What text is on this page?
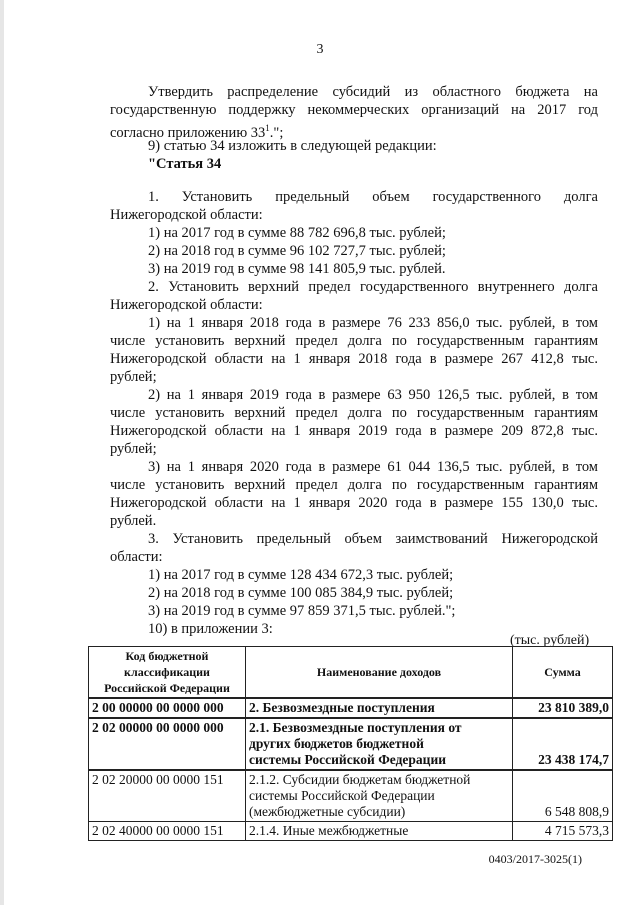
3
Утвердить распределение субсидий из областного бюджета на
государственную поддержку некоммерческих организаций на 2017 год
согласно приложению $33^1$.";
9) статью 34 изложить в следующей редакции:
"Статья 34
1. Установить предельный объем государственного долга
Нижегородской области:
1) на 2017 год в сумме 88 782 696,8 тыс. рублей;
2) на 2018 год в сумме 96 102 727,7 тыс. рублей;
3) на 2019 год в сумме 98 141 805,9 тыс. рублей.
2. Установить верхний предел государственного внутреннего долга
Нижегородской области:
1) на 1 января 2018 года в размере 76 233 856,0 тыс. рублей, в том
числе установить верхний предел долга по государственным гарантиям
Нижегородской области на 1 января 2018 года в размере 267 412,8 тыс.
рублей;
2) на 1 января 2019 года в размере 63 950 126,5 тыс. рублей, в том
числе установить верхний предел долга по государственным гарантиям
Нижегородской области на 1 января 2019 года в размере 209 872,8 тыс.
рублей;
3) на 1 января 2020 года в размере 61 044 136,5 тыс. рублей, в том
числе установить верхний предел долга по государственным гарантиям
Нижегородской области на 1 января 2020 года в размере 155 130,0 тыс.
рублей.
3. Установить предельный объем заимствований Нижегородской
области:
1) на 2017 год в сумме 128 434 672,3 тыс. рублей;
2) на 2018 год в сумме 100 085 384,9 тыс. рублей;
3) на 2019 год в сумме 97 859 371,5 тыс. рублей.";
10) в приложении 3:
(тыс. рублей)
Код бюджетной
классификации
Российской Федерации	Наименование доходов	Сумма
2 00 00000 00 0000 000	2. Безвозмездные поступления	23 810 389,0
2 02 00000 00 0000 000	2.1. Безвозмездные поступления от
других бюджетов бюджетной
системы Российской Федерации	23 438 174,7
2 02 20000 00 0000 151	2.1.2. Субсидии бюджетам бюджетной
системы Российской Федерации
(межбюджетные субсидии)	6 548 808,9
2 02 40000 00 0000 151	2.1.4. Иные межбюджетные	4 715 573,3
0403/2017-3025(1)
